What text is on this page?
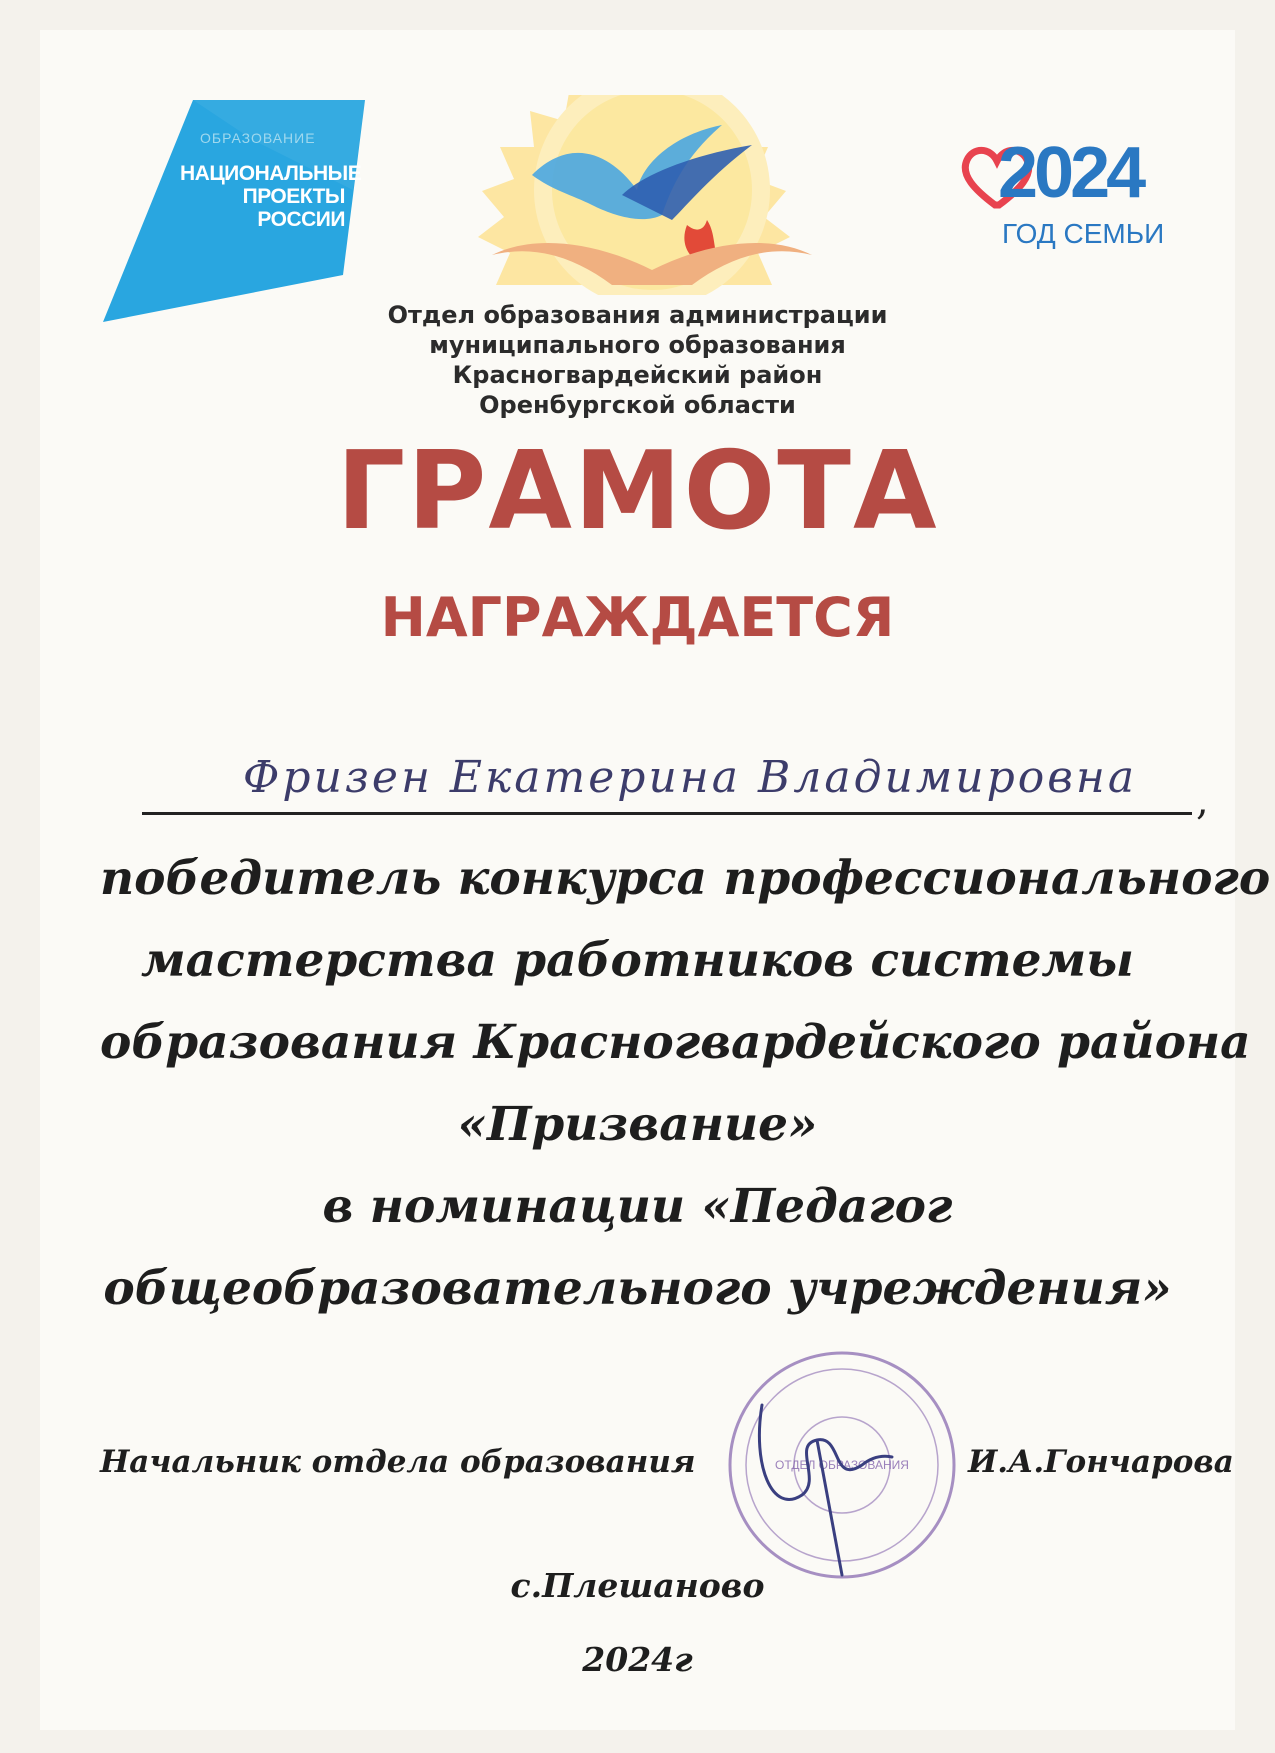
ОБРАЗОВАНИЕ
НАЦИОНАЛЬНЫЕ
ПРОЕКТЫ
РОССИИ
2024
ГОД СЕМЬИ
Отдел образования администрации
муниципального образования
Красногвардейский район
Оренбургской области
ГРАМОТА
НАГРАЖДАЕТСЯ
Фризен Екатерина Владимировна	,
победитель конкурса профессионального
мастерства работников системы
образования Красногвардейского района
«Призвание»
в номинации «Педагог
общеобразовательного учреждения»
Начальник отдела образования	ОТДЕЛ ОБРАЗОВАНИЯ И.А.Гончарова
с.Плешаново
2024г
